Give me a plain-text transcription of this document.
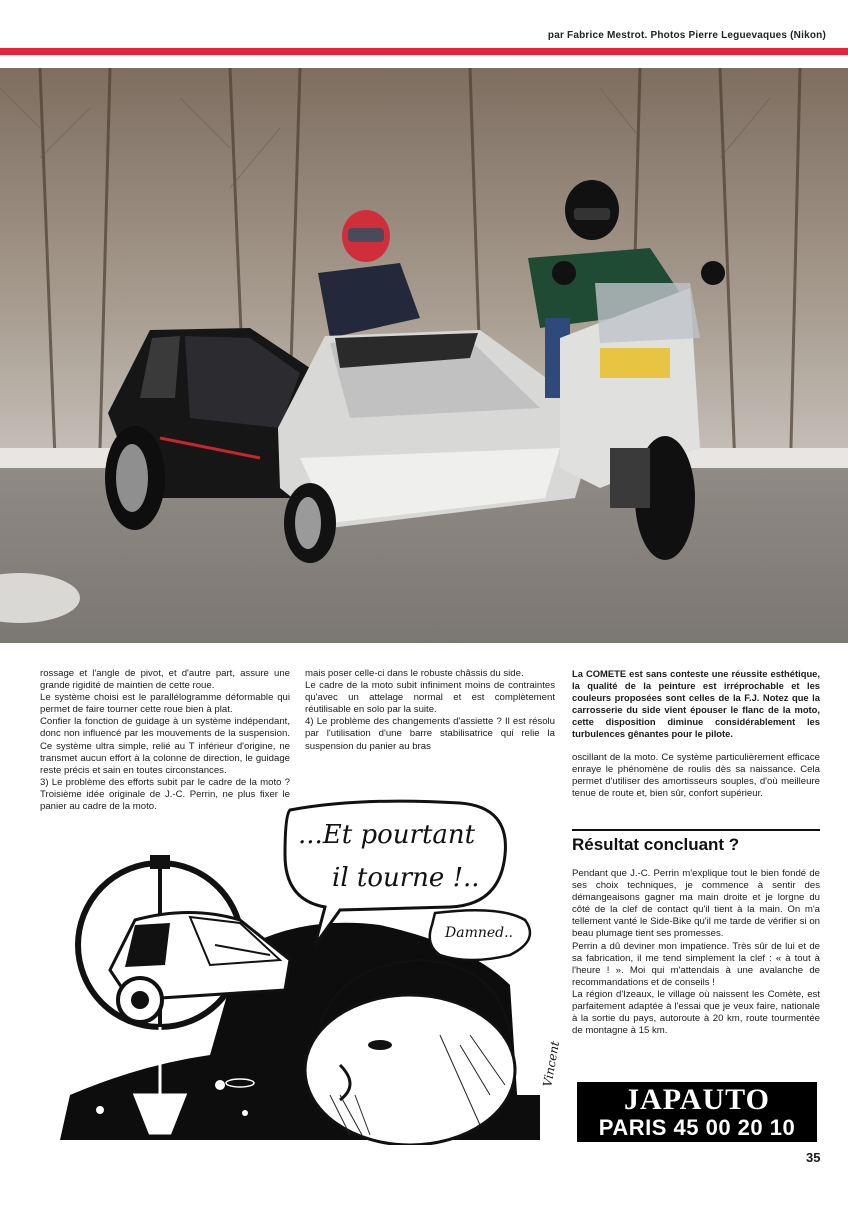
par Fabrice Mestrot. Photos Pierre Leguevaques (Nikon)

rossage et l'angle de pivot, et d'autre part, assure une grande rigidité de maintien de cette roue.

Le système choisi est le parallélogramme déformable qui permet de faire tourner cette roue bien à plat.

Confier la fonction de guidage à un système indépendant, donc non influencé par les mouvements de la suspension. Ce système ultra simple, relié au T inférieur d'origine, ne transmet aucun effort à la colonne de direction, le guidage reste précis et sain en toutes circonstances.

3) Le problème des efforts subit par le cadre de la moto ? Troisième idée originale de J.-C. Perrin, ne plus fixer le panier au cadre de la moto.

mais poser celle-ci dans le robuste châssis du side.

Le cadre de la moto subit infiniment moins de contraintes qu'avec un attelage normal et est complètement réutilisable en solo par la suite.

4) Le problème des changements d'assiette ? Il est résolu par l'utilisation d'une barre stabilisatrice qui relie la suspension du panier au bras

La COMETE est sans conteste une réussite esthétique, la qualité de la peinture est irréprochable et les couleurs proposées sont celles de la F.J. Notez que la carrosserie du side vient épouser le flanc de la moto, cette disposition diminue considérablement les turbulences gênantes pour le pilote.

oscillant de la moto. Ce système particulièrement efficace enraye le phénomène de roulis dès sa naissance. Cela permet d'utiliser des amortisseurs souples, d'où meilleure tenue de route et, bien sûr, confort supérieur.

Résultat concluant ?

Pendant que J.-C. Perrin m'explique tout le bien fondé de ses choix techniques, je commence à sentir des démangeaisons gagner ma main droite et je lorgne du côté de la clef de contact qu'il tient à la main. On m'a tellement vanté le Side-Bike qu'il me tarde de vérifier si on beau plumage tient ses promesses.

Perrin a dû deviner mon impatience. Très sûr de lui et de sa fabrication, il me tend simplement la clef : « à tout à l'heure ! ». Moi qui m'attendais à une avalanche de recommandations et de conseils !

La région d'Izeaux, le village où naissent les Comète, est parfaitement adaptée à l'essai que je veux faire, nationale à la sortie du pays, autoroute à 20 km, route tourmentée de montagne à 15 km.

...Et pourtant
il tourne !..
Damned..
Vincent
JAPAUTO
PARIS 45 00 20 10
35
